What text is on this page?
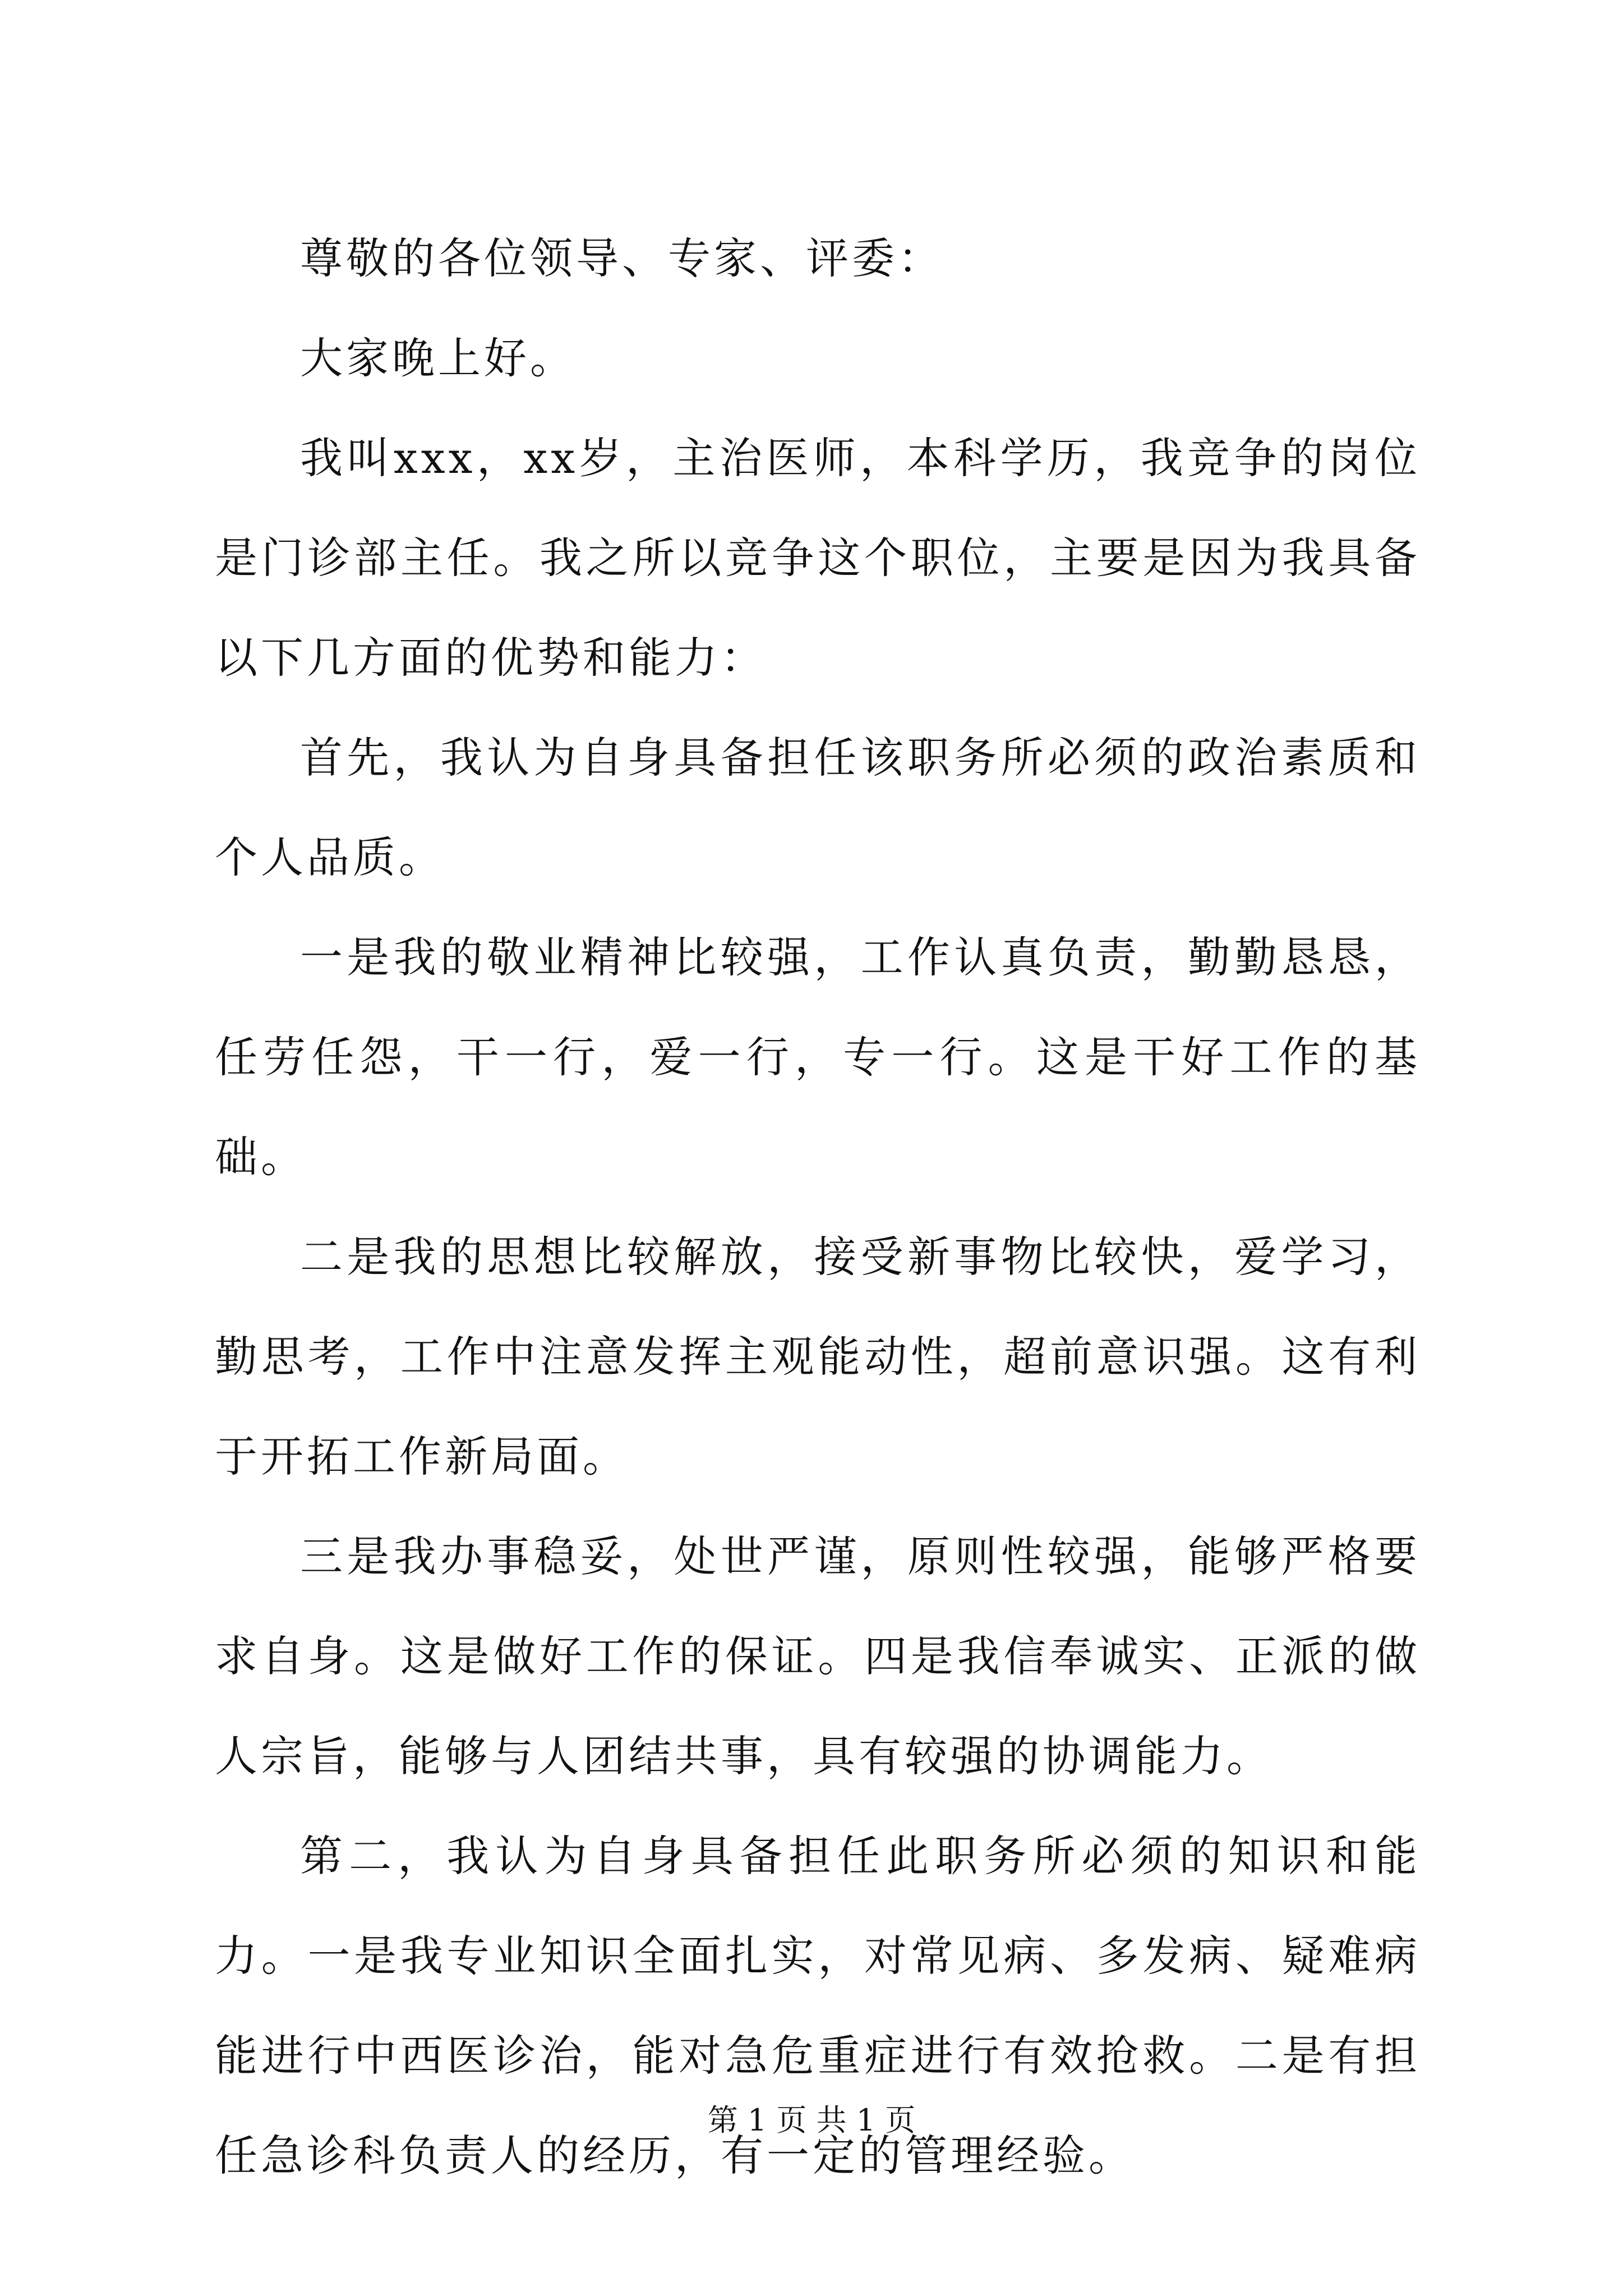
尊敬的各位领导、专家、评委：

大家晚上好。

我叫xxx，xx岁，主治医师，本科学历，我竞争的岗位是门诊部主任。我之所以竞争这个职位，主要是因为我具备以下几方面的优势和能力：

首先，我认为自身具备担任该职务所必须的政治素质和个人品质。

一是我的敬业精神比较强，工作认真负责，勤勤恳恳，任劳任怨，干一行，爱一行，专一行。这是干好工作的基础。

二是我的思想比较解放，接受新事物比较快，爱学习，勤思考，工作中注意发挥主观能动性，超前意识强。这有利于开拓工作新局面。

三是我办事稳妥，处世严谨，原则性较强，能够严格要求自身。这是做好工作的保证。四是我信奉诚实、正派的做人宗旨，能够与人团结共事，具有较强的协调能力。

第二，我认为自身具备担任此职务所必须的知识和能力。一是我专业知识全面扎实，对常见病、多发病、疑难病能进行中西医诊治，能对急危重症进行有效抢救。二是有担任急诊科负责人的经历，有一定的管理经验。

第 1 页 共 1 页
